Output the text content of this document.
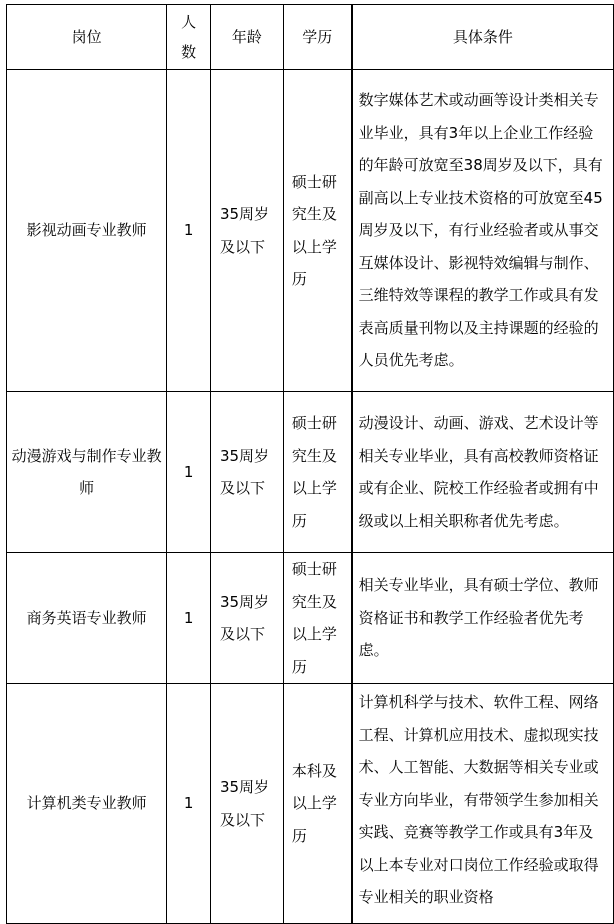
岗位	人数	年龄	学历	具体条件
影视动画专业教师	1	35周岁及以下	硕士研究生及以上学历	数字媒体艺术或动画等设计类相关专业毕业，具有3年以上企业工作经验的年龄可放宽至38周岁及以下，具有副高以上专业技术资格的可放宽至45周岁及以下，有行业经验者或从事交互媒体设计、影视特效编辑与制作、三维特效等课程的教学工作或具有发表高质量刊物以及主持课题的经验的人员优先考虑。
动漫游戏与制作专业教师	1	35周岁及以下	硕士研究生及以上学历	动漫设计、动画、游戏、艺术设计等相关专业毕业，具有高校教师资格证或有企业、院校工作经验者或拥有中级或以上相关职称者优先考虑。
商务英语专业教师	1	35周岁及以下	硕士研究生及以上学历	相关专业毕业，具有硕士学位、教师资格证书和教学工作经验者优先考虑。
计算机类专业教师	1	35周岁及以下	本科及以上学历	计算机科学与技术、软件工程、网络工程、计算机应用技术、虚拟现实技术、人工智能、大数据等相关专业或专业方向毕业，有带领学生参加相关实践、竞赛等教学工作或具有3年及以上本专业对口岗位工作经验或取得专业相关的职业资格
